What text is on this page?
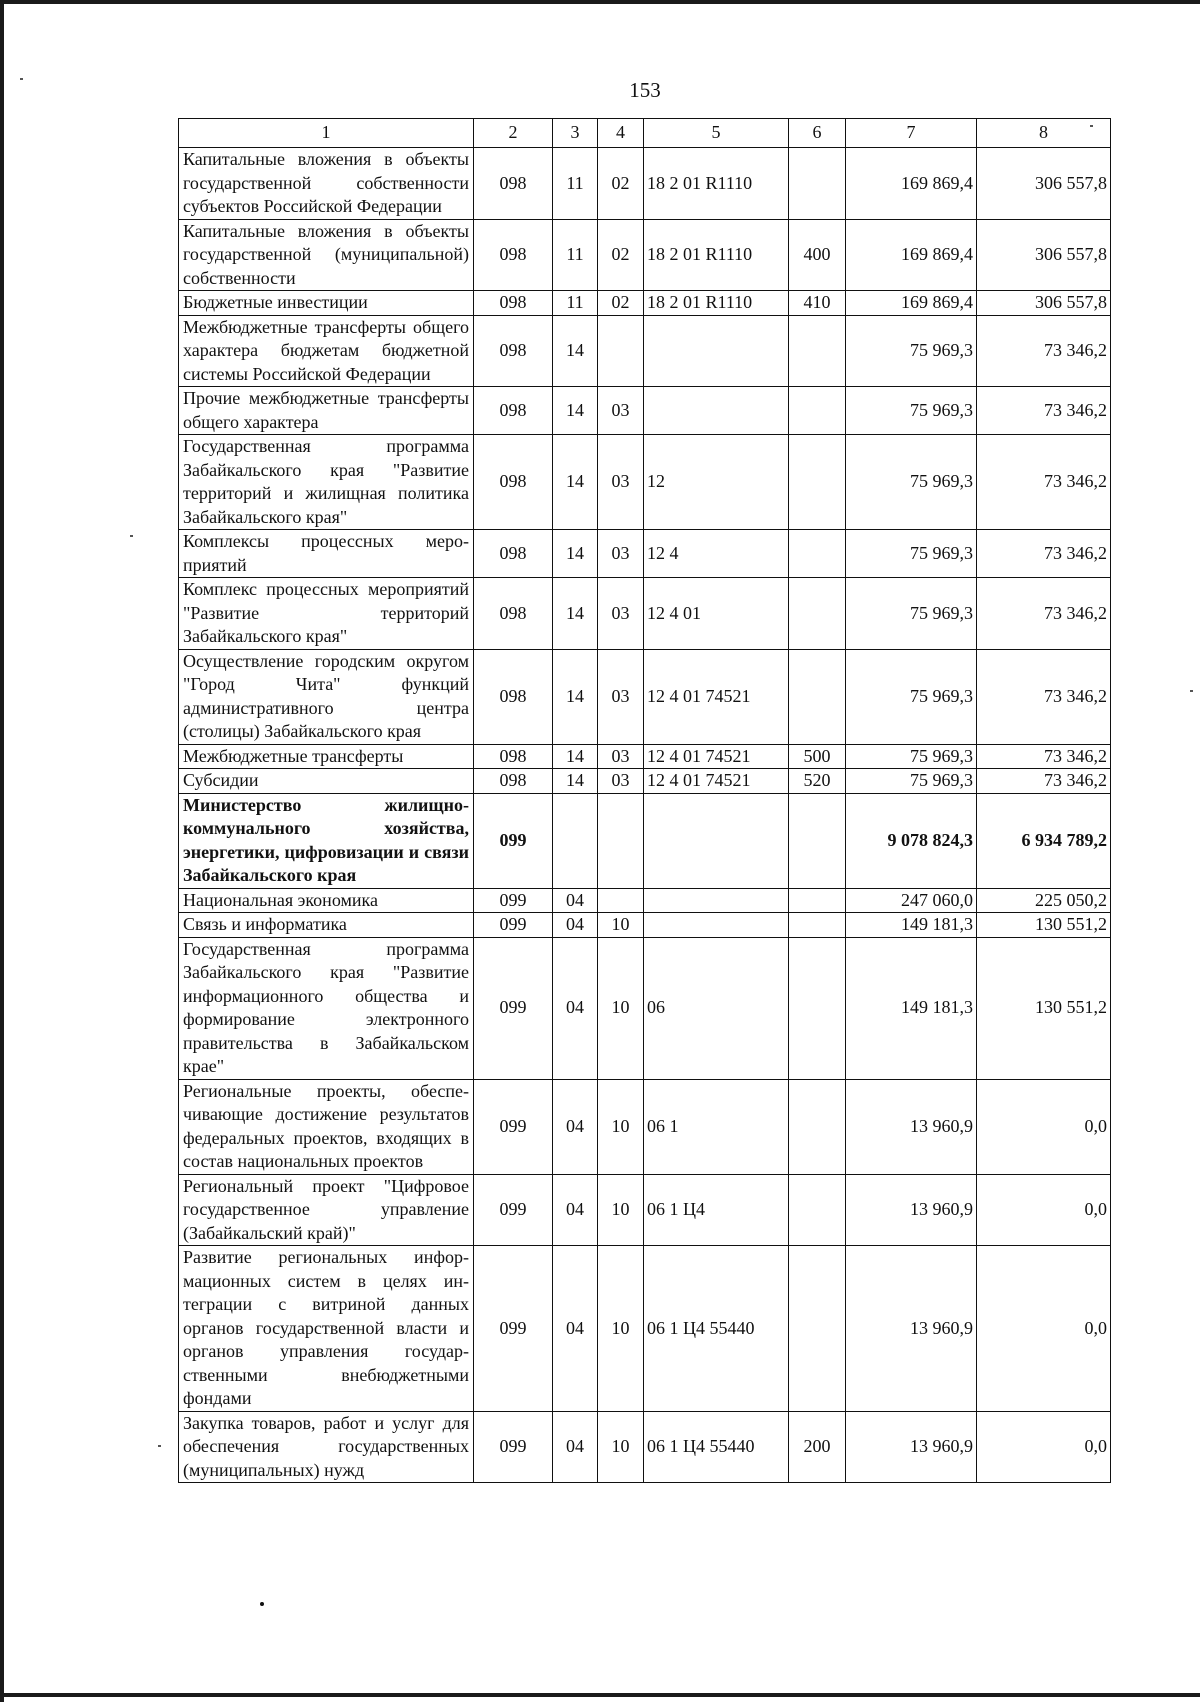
153
1	2	3	4	5	6	7	8
Капитальные вложения в объекты государственной собственности субъектов Российской Федерации	098	11	02	18 2 01 R1110		169 869,4	306 557,8
Капитальные вложения в объекты государственной (муниципальной) собственности	098	11	02	18 2 01 R1110	400	169 869,4	306 557,8
Бюджетные инвестиции	098	11	02	18 2 01 R1110	410	169 869,4	306 557,8
Межбюджетные трансферты общего характера бюджетам бюджетной системы Российской Федерации	098	14				75 969,3	73 346,2
Прочие межбюджетные трансферты общего характера	098	14	03			75 969,3	73 346,2
Государственная программа Забайкальского края "Развитие территорий и жилищная политика Забайкальского края"	098	14	03	12		75 969,3	73 346,2
Комплексы процессных мероприятий	098	14	03	12 4		75 969,3	73 346,2
Комплекс процессных мероприятий "Развитие территорий Забайкальского края"	098	14	03	12 4 01		75 969,3	73 346,2
Осуществление городским округом "Город Чита" функций административного центра (столицы) Забайкальского края	098	14	03	12 4 01 74521		75 969,3	73 346,2
Межбюджетные трансферты	098	14	03	12 4 01 74521	500	75 969,3	73 346,2
Субсидии	098	14	03	12 4 01 74521	520	75 969,3	73 346,2
Министерство жилищно-коммунального хозяйства, энергетики, цифровизации и связи Забайкальского края	099					9 078 824,3	6 934 789,2
Национальная экономика	099	04				247 060,0	225 050,2
Связь и информатика	099	04	10			149 181,3	130 551,2
Государственная программа Забайкальского края "Развитие информационного общества и формирование электронного правительства в Забайкальском крае"	099	04	10	06		149 181,3	130 551,2
Региональные проекты, обеспечивающие достижение результатов федеральных проектов, входящих в состав национальных проектов	099	04	10	06 1		13 960,9	0,0
Региональный проект "Цифровое государственное управление (Забайкальский край)"	099	04	10	06 1 Ц4		13 960,9	0,0
Развитие региональных информационных систем в целях интеграции с витриной данных органов государственной власти и органов управления государственными внебюджетными фондами	099	04	10	06 1 Ц4 55440		13 960,9	0,0
Закупка товаров, работ и услуг для обеспечения государственных (муниципальных) нужд	099	04	10	06 1 Ц4 55440	200	13 960,9	0,0
